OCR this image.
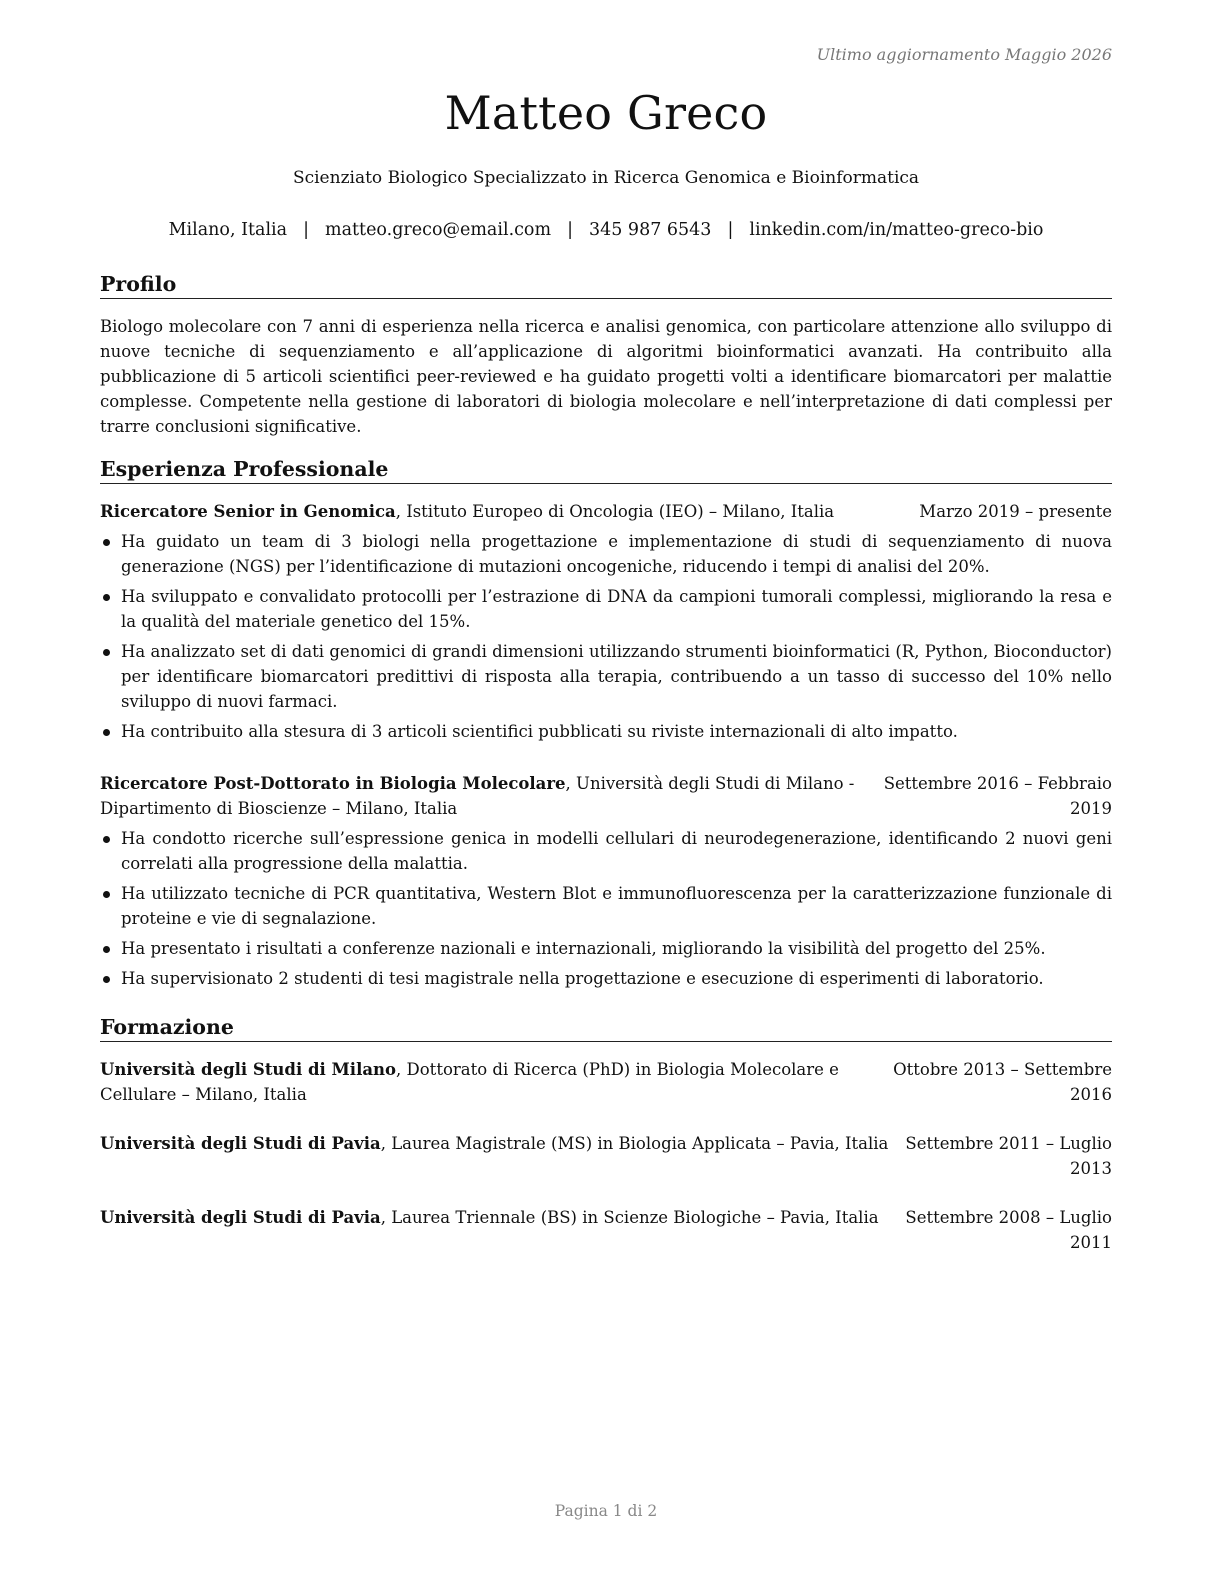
Ultimo aggiornamento Maggio 2026
Matteo Greco
Scienziato Biologico Specializzato in Ricerca Genomica e Bioinformatica
Milano, Italia | matteo.greco@email.com | 345 987 6543 | linkedin.com/in/matteo-greco-bio
Profilo
Biologo molecolare con 7 anni di esperienza nella ricerca e analisi genomica, con particolare attenzione allo sviluppo di nuove tecniche di sequenziamento e all’applicazione di algoritmi bioinformatici avanzati. Ha contribuito alla pubblicazione di 5 articoli scientifici peer-reviewed e ha guidato progetti volti a identificare biomarcatori per malattie complesse. Competente nella gestione di laboratori di biologia molecolare e nell’interpretazione di dati complessi per trarre conclusioni significative.
Esperienza Professionale
Ricercatore Senior in Genomica, Istituto Europeo di Oncologia (IEO) – Milano, Italia	Marzo 2019 – presente
Ha guidato un team di 3 biologi nella progettazione e implementazione di studi di sequenziamento di nuova generazione (NGS) per l’identificazione di mutazioni oncogeniche, riducendo i tempi di analisi del 20%.
Ha sviluppato e convalidato protocolli per l’estrazione di DNA da campioni tumorali complessi, migliorando la resa e la qualità del materiale genetico del 15%.
Ha analizzato set di dati genomici di grandi dimensioni utilizzando strumenti bioinformatici (R, Python, Bioconductor) per identificare biomarcatori predittivi di risposta alla terapia, contribuendo a un tasso di successo del 10% nello sviluppo di nuovi farmaci.
Ha contribuito alla stesura di 3 articoli scientifici pubblicati su riviste internazionali di alto impatto.
Ricercatore Post-Dottorato in Biologia Molecolare, Università degli Studi di Milano - Dipartimento di Bioscienze – Milano, Italia
Settembre 2016 – Febbraio 2019
Ha condotto ricerche sull’espressione genica in modelli cellulari di neurodegenerazione, identificando 2 nuovi geni correlati alla progressione della malattia.
Ha utilizzato tecniche di PCR quantitativa, Western Blot e immunofluorescenza per la caratterizzazione funzionale di proteine e vie di segnalazione.
Ha presentato i risultati a conferenze nazionali e internazionali, migliorando la visibilità del progetto del 25%.
Ha supervisionato 2 studenti di tesi magistrale nella progettazione e esecuzione di esperimenti di laboratorio.
Formazione
Università degli Studi di Milano, Dottorato di Ricerca (PhD) in Biologia Molecolare e Cellulare – Milano, Italia
Ottobre 2013 – Settembre 2016
Università degli Studi di Pavia, Laurea Magistrale (MS) in Biologia Applicata – Pavia, Italia	Settembre 2011 – Luglio 2013
Università degli Studi di Pavia, Laurea Triennale (BS) in Scienze Biologiche – Pavia, Italia	Settembre 2008 – Luglio 2011
Pagina 1 di 2
